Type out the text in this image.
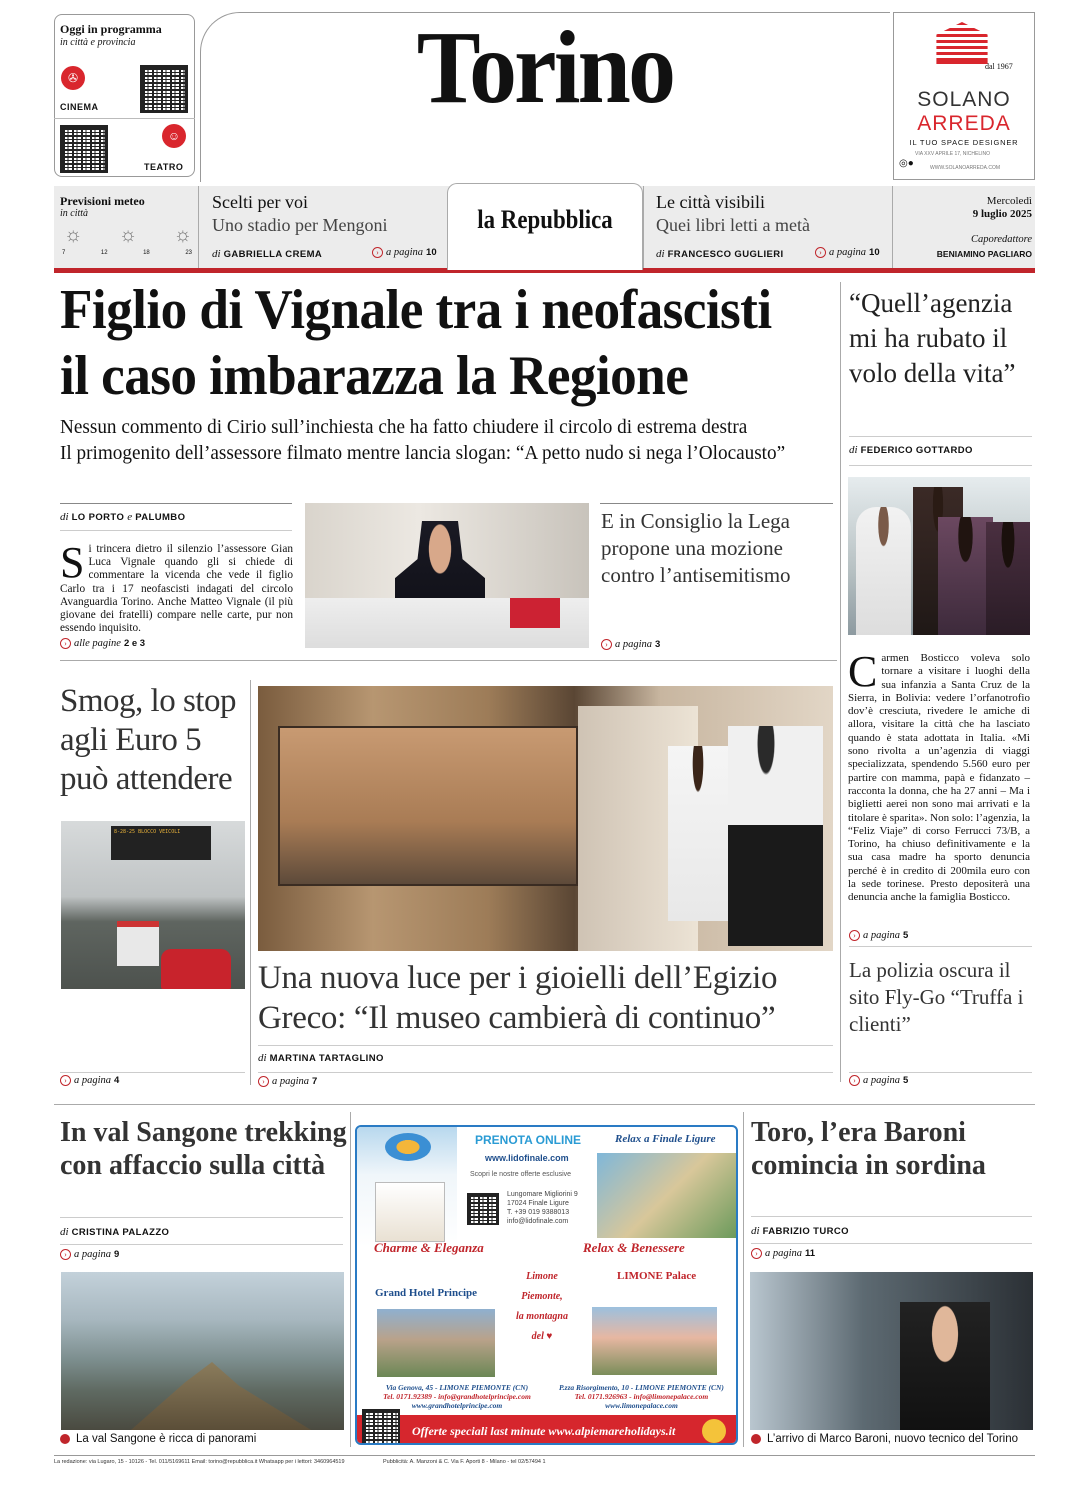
Oggi in programma
in città e provincia
✇
CINEMA
☺
TEATRO
Torino	dal 1967
SOLANO
ARREDA
IL TUO SPACE DESIGNER
VIA XXV APRILE 17, NICHELINO
◎●	WWW.SOLANOARREDA.COM
Previsioni meteo
in città
☼ ☼ ☼
7	12	18	23
Scelti per voi
Uno stadio per Mengoni
di GABRIELLA CREMA	› a pagina 10
la Repubblica
Le città visibili
Quei libri letti a metà
di FRANCESCO GUGLIERI	› a pagina 10
Mercoledì
9 luglio 2025
Caporedattore
BENIAMINO PAGLIARO
Figlio di Vignale tra i neofascisti
il caso imbarazza la Regione
Nessun commento di Cirio sull’inchiesta che ha fatto chiudere il circolo di estrema destra
Il primogenito dell’assessore filmato mentre lancia slogan: “A petto nudo si nega l’Olocausto”
di LO PORTO e PALUMBO
Si trincera dietro il silenzio l’assessore Gian Luca Vignale quando gli si chiede di commentare la vicenda che vede il figlio Carlo tra i 17 neofascisti indagati del circolo Avanguardia Torino. Anche Matteo Vignale (il più giovane dei fratelli) compare nelle carte, pur non essendo inquisito.
› alle pagine 2 e 3
E in Consiglio la Lega propone una mozione contro l’antisemitismo
› a pagina 3
“Quell’agenzia mi ha rubato il volo della vita”
di FEDERICO GOTTARDO
Carmen Bosticco voleva solo tornare a visitare i luoghi della sua infanzia a Santa Cruz de la Sierra, in Bolivia: vedere l’orfanotrofio dov’è cresciuta, rivedere le amiche di allora, visitare la città che ha lasciato quando è stata adottata in Italia. «Mi sono rivolta a un’agenzia di viaggi specializzata, spendendo 5.560 euro per partire con mamma, papà e fidanzato – racconta la donna, che ha 27 anni – Ma i biglietti aerei non sono mai arrivati e la titolare è sparita». Non solo: l’agenzia, la “Feliz Viaje” di corso Ferrucci 73/B, a Torino, ha chiuso definitivamente e la sua casa madre ha sporto denuncia perché è in credito di 200mila euro con la sede torinese. Presto depositerà una denuncia anche la famiglia Bosticco.
› a pagina 5
La polizia oscura il sito Fly-Go “Truffa i clienti”
› a pagina 5
Smog, lo stop agli Euro 5 può attendere
8-28-25 BLOCCO VEICOLI
› a pagina 4
Una nuova luce per i gioielli dell’Egizio
Greco: “Il museo cambierà di continuo”
di MARTINA TARTAGLINO
› a pagina 7
In val Sangone trekking con affaccio sulla città
di CRISTINA PALAZZO
› a pagina 9
La val Sangone è ricca di panorami
PRENOTA ONLINE	Relax a Finale Ligure
www.lidofinale.com
Scopri le nostre offerte esclusive
Lungomare Migliorini 9
17024 Finale Ligure
T. +39 019 9388013
info@lidofinale.com
Charme & Eleganza	Relax & Benessere
Grand Hotel Principe
LIMONE Palace
Limone
Piemonte,
la montagna
del ♥
Via Genova, 45 - LIMONE PIEMONTE (CN)
Tel. 0171.92389 - info@grandhotelprincipe.com
www.grandhotelprincipe.com
P.zza Risorgimento, 10 - LIMONE PIEMONTE (CN)
Tel. 0171.926963 - info@limonepalace.com
www.limonepalace.com
Offerte speciali last minute www.alpiemareholidays.it
Toro, l’era Baroni comincia in sordina
di FABRIZIO TURCO
› a pagina 11
L’arrivo di Marco Baroni, nuovo tecnico del Torino
La redazione: via Lugaro, 15 - 10126 - Tel. 011/5169611 Email: torino@repubblica.it Whatsapp per i lettori: 3460964519	Pubblicità: A. Manzoni & C. Via F. Aporti 8 - Milano - tel 02/57494 1
